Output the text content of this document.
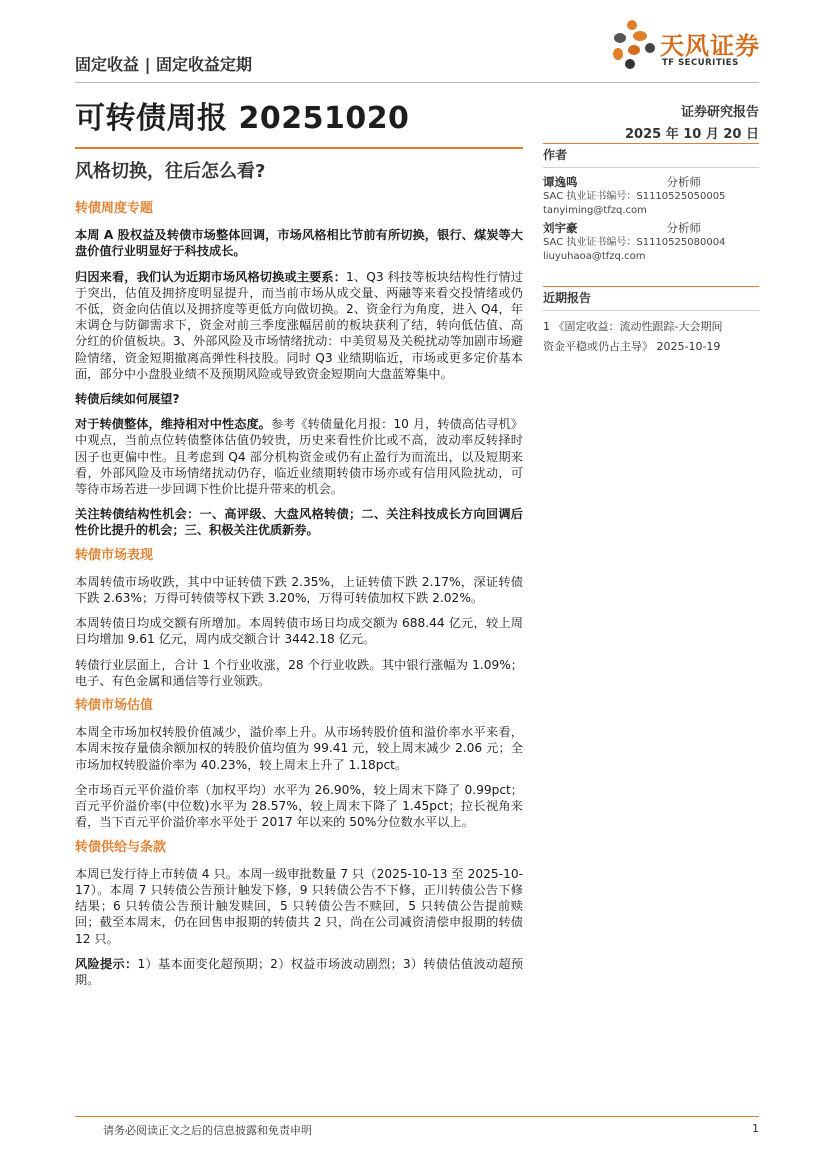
固定收益 | 固定收益定期
天风证券
TF SECURITIES
可转债周报 20251020	证券研究报告
2025 年 10 月 20 日
风格切换，往后怎么看?
转债周度专题

本周 A 股权益及转债市场整体回调，市场风格相比节前有所切换，银行、煤炭等大盘价值行业明显好于科技成长。

归因来看，我们认为近期市场风格切换或主要系：1、Q3 科技等板块结构性行情过于突出，估值及拥挤度明显提升，而当前市场从成交量、两融等来看交投情绪或仍不低，资金向估值以及拥挤度等更低方向做切换。2、资金行为角度，进入 Q4，年末调仓与防御需求下，资金对前三季度涨幅居前的板块获利了结，转向低估值、高分红的价值板块。3、外部风险及市场情绪扰动：中美贸易及关税扰动等加剧市场避险情绪，资金短期撤离高弹性科技股。同时 Q3 业绩期临近，市场或更多定价基本面，部分中小盘股业绩不及预期风险或导致资金短期向大盘蓝筹集中。

转债后续如何展望?

对于转债整体，维持相对中性态度。参考《转债量化月报：10 月，转债高估寻机》中观点，当前点位转债整体估值仍较贵，历史来看性价比或不高，波动率反转择时因子也更偏中性。且考虑到 Q4 部分机构资金或仍有止盈行为而流出，以及短期来看，外部风险及市场情绪扰动仍存，临近业绩期转债市场亦或有信用风险扰动，可等待市场若进一步回调下性价比提升带来的机会。

关注转债结构性机会：一、高评级、大盘风格转债；二、关注科技成长方向回调后性价比提升的机会；三、积极关注优质新券。

转债市场表现

本周转债市场收跌，其中中证转债下跌 2.35%，上证转债下跌 2.17%，深证转债下跌 2.63%；万得可转债等权下跌 3.20%，万得可转债加权下跌 2.02%。

本周转债日均成交额有所增加。本周转债市场日均成交额为 688.44 亿元，较上周日均增加 9.61 亿元，周内成交额合计 3442.18 亿元。

转债行业层面上，合计 1 个行业收涨，28 个行业收跌。其中银行涨幅为 1.09%；电子、有色金属和通信等行业领跌。

转债市场估值

本周全市场加权转股价值减少，溢价率上升。从市场转股价值和溢价率水平来看，本周末按存量债余额加权的转股价值均值为 99.41 元，较上周末减少 2.06 元；全市场加权转股溢价率为 40.23%，较上周末上升了 1.18pct。

全市场百元平价溢价率（加权平均）水平为 26.90%，较上周末下降了 0.99pct；百元平价溢价率(中位数)水平为 28.57%，较上周末下降了 1.45pct；拉长视角来看，当下百元平价溢价率水平处于 2017 年以来的 50%分位数水平以上。

转债供给与条款

本周已发行待上市转债 4 只。本周一级审批数量 7 只（2025-10-13 至 2025-10-17）。本周 7 只转债公告预计触发下修，9 只转债公告不下修，正川转债公告下修结果；6 只转债公告预计触发赎回，5 只转债公告不赎回，5 只转债公告提前赎回；截至本周末，仍在回售申报期的转债共 2 只，尚在公司减资清偿申报期的转债 12 只。

风险提示：1）基本面变化超预期；2）权益市场波动剧烈；3）转债估值波动超预期。

作者
谭逸鸣	分析师
SAC 执业证书编号：S1110525050005
tanyiming@tfzq.com
刘宇豪	分析师
SAC 执业证书编号：S1110525080004
liuyuhaoa@tfzq.com
近期报告
1 《固定收益：流动性跟踪-大会期间
资金平稳或仍占主导》 2025-10-19
请务必阅读正文之后的信息披露和免责申明	1
